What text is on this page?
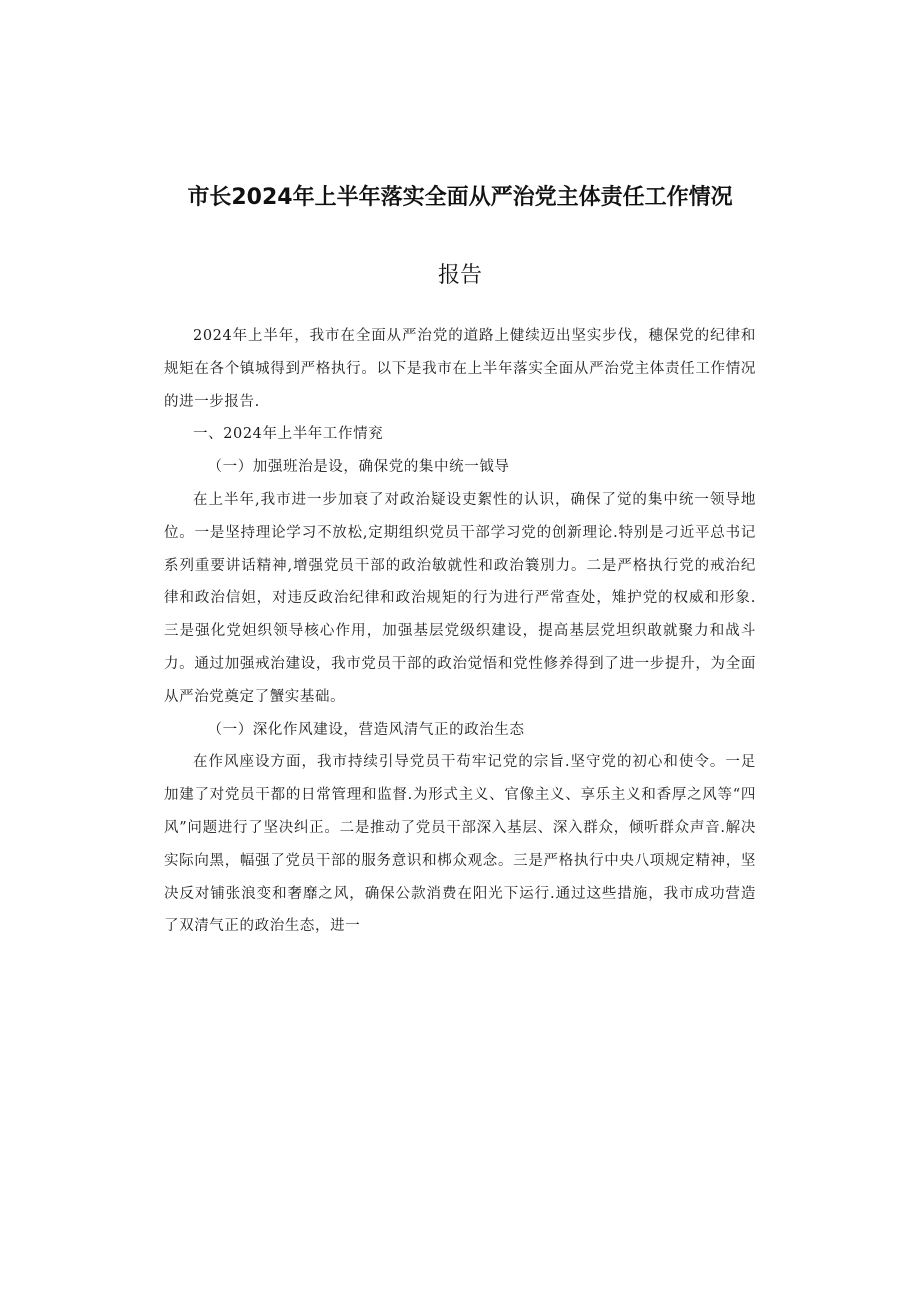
市长2024年上半年落实全面从严治党主体责任工作情况
报告

2024年上半年，我市在全面从严治党的道路上健续迈出坚实步伐，穗保党的纪律和规矩在各个镇城得到严格执行。以下是我市在上半年落实全面从严治党主体责任工作情况的进一步报告.

一、2024年上半年工作情兖

（一）加强班治是设，确保党的集中统一钺导

在上半年,我市进一步加衰了对政治疑设吏絮性的认识，确保了觉的集中统一领导地位。一是坚持理论学习不放松,定期组织党员干部学习党的创新理论.特别是刁近平总书记系列重要讲话精神,增强党员干部的政治敏就性和政治簔別力。二是严格执行党的戒治纪律和政治信妲，对违反政治纪律和政治规矩的行为进行严常查处，雉护党的权威和形象.三是强化党妲织领导核心作用，加强基层党级织建设，提高基层党坦织敢就聚力和战斗力。通过加强戒治建设，我市党员干部的政治觉悟和党性修养得到了进一步提升，为全面从严治党奠定了蟹实基础。

（一）深化作风建设，营造风清气正的政治生态

在作风座设方面，我市持续引导党员干苟牢记党的宗旨.坚守党的初心和使令。一足加建了对党员干都的日常管理和监督.为形式主义、官像主义、享乐主义和香厚之风等“四风”问题进行了坚决纠正。二是推动了党员干部深入基层、深入群众，倾听群众声音.解决实际向黑，幅强了党员干部的服务意识和梆众观念。三是严格执行中央八项规定精神，坚决反对铺张浪变和奢靡之风，确保公款消费在阳光下运行.通过这些措施，我市成功营造了双清气正的政治生态，进一
